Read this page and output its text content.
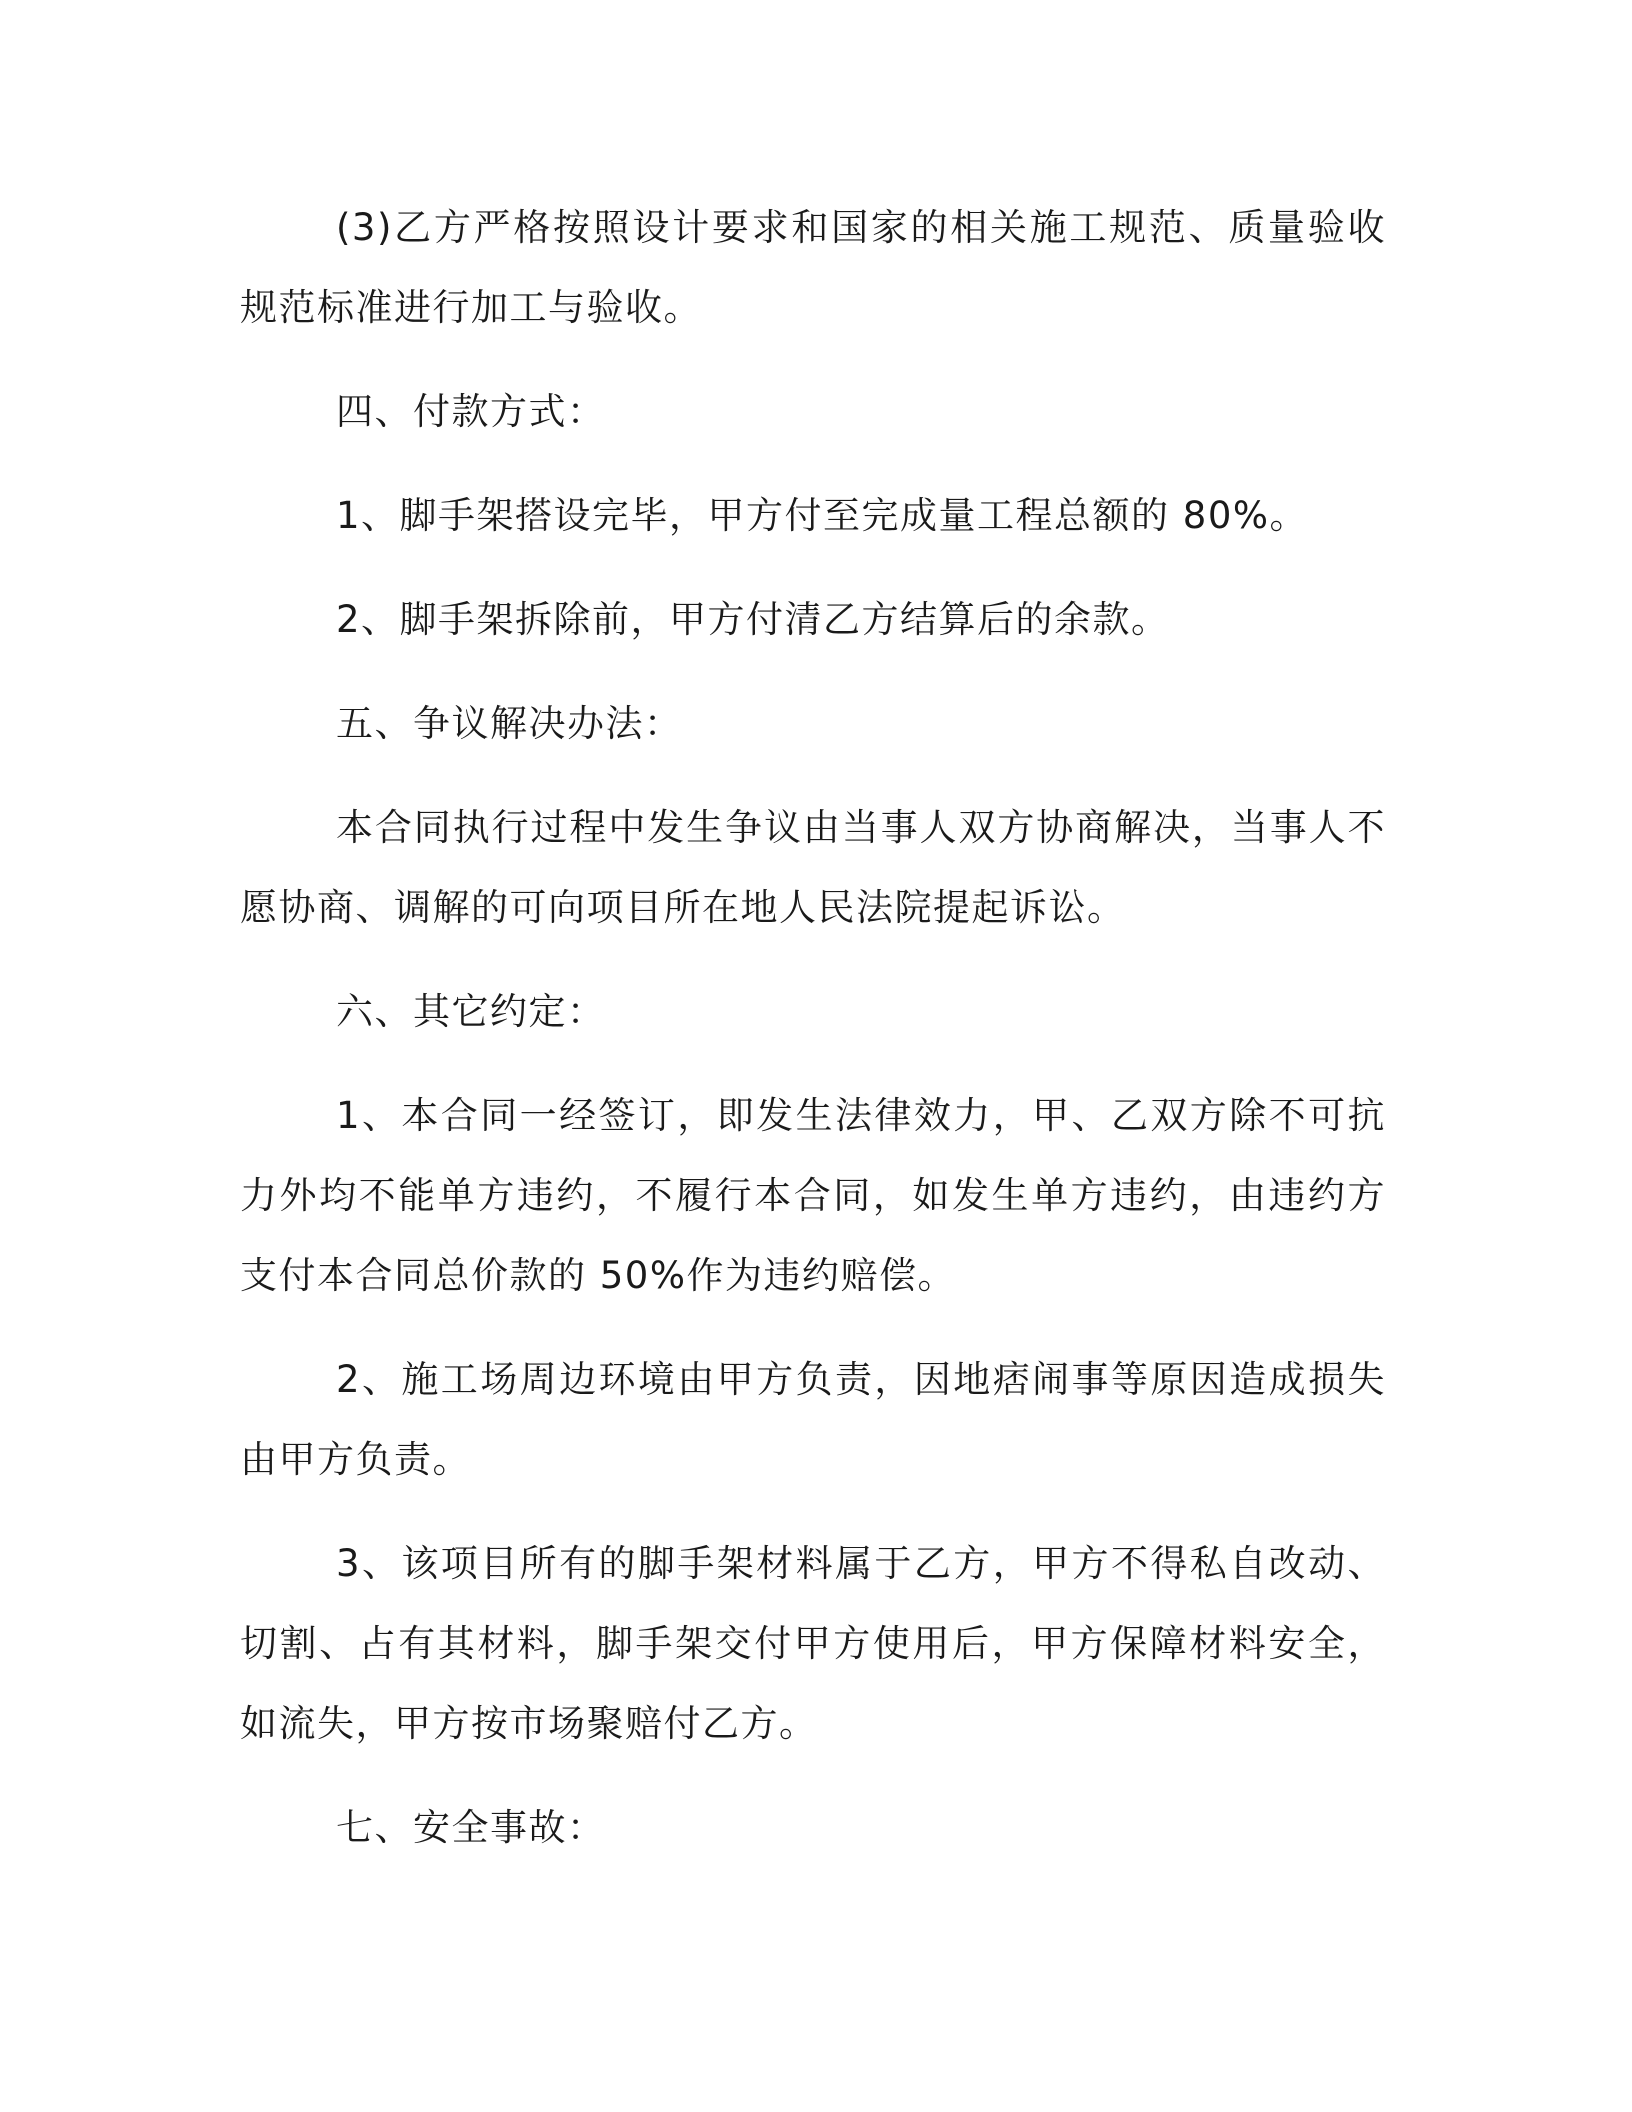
(3)乙方严格按照设计要求和国家的相关施工规范、质量验收规范标准进行加工与验收。

四、付款方式：

1、脚手架搭设完毕，甲方付至完成量工程总额的 80%。

2、脚手架拆除前，甲方付清乙方结算后的余款。

五、争议解决办法：

本合同执行过程中发生争议由当事人双方协商解决，当事人不愿协商、调解的可向项目所在地人民法院提起诉讼。

六、其它约定：

1、本合同一经签订，即发生法律效力，甲、乙双方除不可抗力外均不能单方违约，不履行本合同，如发生单方违约，由违约方支付本合同总价款的 50%作为违约赔偿。

2、施工场周边环境由甲方负责，因地痞闹事等原因造成损失由甲方负责。

3、该项目所有的脚手架材料属于乙方，甲方不得私自改动、切割、占有其材料，脚手架交付甲方使用后，甲方保障材料安全，如流失，甲方按市场聚赔付乙方。

七、安全事故：
